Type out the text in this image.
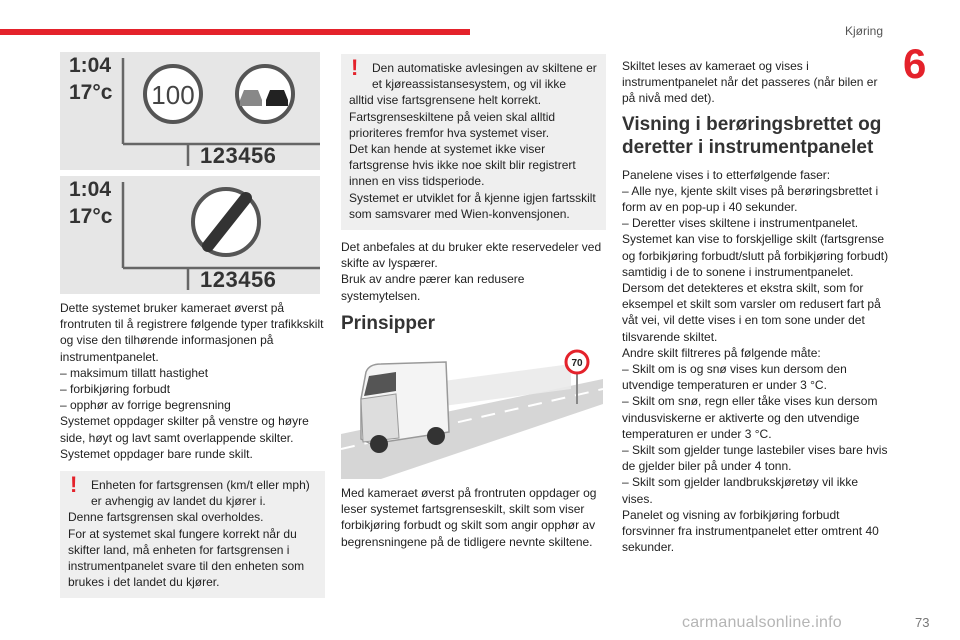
Kjøring
6
100
1:04
17°c
123456
1:04
17°c
123456

Dette systemet bruker kameraet øverst på frontruten til å registrere følgende typer trafikkskilt og vise den tilhørende informasjonen på instrumentpanelet.

– maksimum tillatt hastighet

– forbikjøring forbudt

– opphør av forrige begrensning

Systemet oppdager skilter på venstre og høyre side, høyt og lavt samt overlappende skilter.

Systemet oppdager bare runde skilt.

!	Enheten for fartsgrensen (km/t eller mph) er avhengig av landet du kjører i.

Denne fartsgrensen skal overholdes.

For at systemet skal fungere korrekt når du skifter land, må enheten for fartsgrensen i instrumentpanelet svare til den enheten som brukes i det landet du kjører.

!	Den automatiske avlesingen av skiltene er et kjøreassistansesystem, og vil ikke

alltid vise fartsgrensene helt korrekt.

Fartsgrenseskiltene på veien skal alltid prioriteres fremfor hva systemet viser.

Det kan hende at systemet ikke viser fartsgrense hvis ikke noe skilt blir registrert innen en viss tidsperiode.

Systemet er utviklet for å kjenne igjen fartsskilt som samsvarer med Wien-konvensjonen.

Det anbefales at du bruker ekte reservedeler ved skifte av lyspærer.

Bruk av andre pærer kan redusere systemytelsen.

Prinsipper
70

Med kameraet øverst på frontruten oppdager og leser systemet fartsgrenseskilt, skilt som viser forbikjøring forbudt og skilt som angir opphør av begrensningene på de tidligere nevnte skiltene.

Skiltet leses av kameraet og vises i instrumentpanelet når det passeres (når bilen er på nivå med det).

Visning i berøringsbrettet og deretter i instrumentpanelet

Panelene vises i to etterfølgende faser:

– Alle nye, kjente skilt vises på berøringsbrettet i form av en pop-up i 40 sekunder.

– Deretter vises skiltene i instrumentpanelet.

Systemet kan vise to forskjellige skilt (fartsgrense og forbikjøring forbudt/slutt på forbikjøring forbudt) samtidig i de to sonene i instrumentpanelet.

Dersom det detekteres et ekstra skilt, som for eksempel et skilt som varsler om redusert fart på våt vei, vil dette vises i en tom sone under det tilsvarende skiltet.

Andre skilt filtreres på følgende måte:

– Skilt om is og snø vises kun dersom den utvendige temperaturen er under 3 °C.

– Skilt om snø, regn eller tåke vises kun dersom vindusviskerne er aktiverte og den utvendige temperaturen er under 3 °C.

– Skilt som gjelder tunge lastebiler vises bare hvis de gjelder biler på under 4 tonn.

– Skilt som gjelder landbrukskjøretøy vil ikke vises.

Panelet og visning av forbikjøring forbudt forsvinner fra instrumentpanelet etter omtrent 40 sekunder.

carmanualsonline.info	73
